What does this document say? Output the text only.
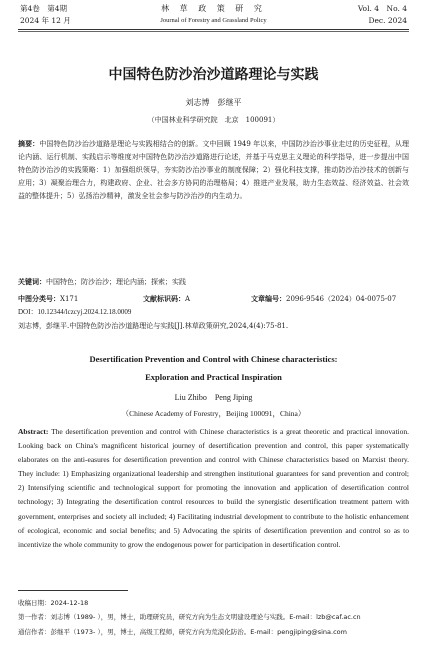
第4卷　第4期
2024 年 12 月
林 草 政 策 研 究
Journal of Forestry and Grassland Policy
Vol. 4　No. 4
Dec. 2024
中国特色防沙治沙道路理论与实践
刘志博　彭继平
（中国林业科学研究院　北京　100091）
摘要：中国特色防沙治沙道路是理论与实践相结合的创新。文中回顾 1949 年以来，中国防沙治沙事业走过的历史征程，从理论内涵、运行机制、实践启示等维度对中国特色防沙治沙道路进行论述，并基于马克思主义理论的科学指导，进一步提出中国特色防沙治沙的实践策略：1）加强组织领导，夯实防沙治沙事业的制度保障；2）强化科技支撑，推动防沙治沙技术的创新与应用；3）凝聚治理合力，构建政府、企业、社会多方协同的治理格局；4）推进产业发展，助力生态效益、经济效益、社会效益的整体提升；5）弘扬治沙精神，激发全社会参与防沙治沙的内生动力。
关键词：中国特色；防沙治沙；理论内涵；探索；实践
中图分类号：X171	文献标识码：A	文章编号：2096-9546（2024）04-0075-07
DOI：10.12344/lczcyj.2024.12.18.0009
刘志博，彭继平.中国特色防沙治沙道路理论与实践[J].林草政策研究,2024,4(4):75-81.
Desertification Prevention and Control with Chinese characteristics:
Exploration and Practical Inspiration
Liu Zhibo　Peng Jiping
（Chinese Academy of Forestry，Beijing 100091，China）
Abstract: The desertification prevention and control with Chinese characteristics is a great theoretic and practical innovation. Looking back on China's magnificent historical journey of desertification prevention and control, this paper systematically elaborates on the anti-easures for desertification prevention and control with Chinese characteristics based on Marxist theory. They include: 1) Emphasizing organizational leadership and strengthen institutional guarantees for sand prevention and control; 2) Intensifying scientific and technological support for promoting the innovation and application of desertification control technology; 3) Integrating the desertification control resources to build the synergistic desertification treatment pattern with government, enterprises and society all included; 4) Facilitating industrial development to contribute to the holistic enhancement of ecological, economic and social benefits; and 5) Advocating the spirits of desertification prevention and control so as to incentivize the whole community to grow the endogenous power for participation in desertification control.
收稿日期：2024-12-18
第一作者：刘志博（1989- ），男，博士，助理研究员，研究方向为生态文明建设理论与实践。E-mail：lzb@caf.ac.cn
通信作者：彭继平（1973- ），男，博士，高级工程师，研究方向为荒漠化防治。E-mail：pengjiping@sina.com
